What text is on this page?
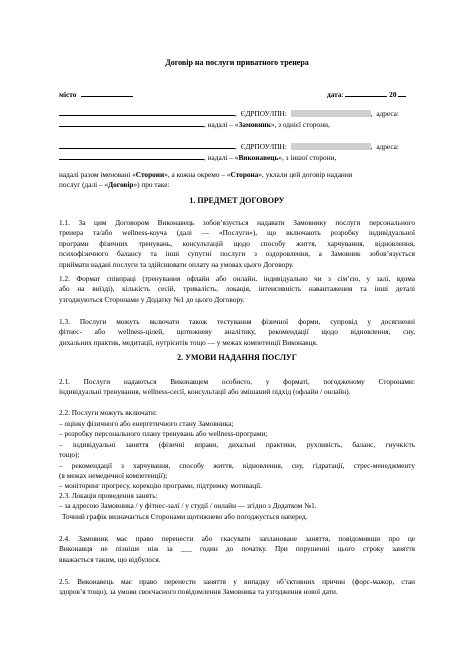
Договір на послуги приватного тренера
місто	дата:	20
, ЄДРПОУ/ІПН:	, адреса:
, надалі – «Замовник», з однієї сторони,
, ЄДРПОУ/ІПН:	, адреса:
, надалі – «Виконавець», з іншої сторони,
надалі разом іменовані «Сторони», а кожна окремо – «Сторона», уклали цей договір надання
послуг (далі – «Договір») про таке:
1. ПРЕДМЕТ ДОГОВОРУ
1.1. За цим Договором Виконавець зобов’язується надавати Замовнику послуги персонального
тренера та/або wellness-коуча (далі — «Послуги»), що включають розробку індивідуальної
програми фізичних тренувань, консультацій щодо способу життя, харчування, відновлення,
психофізичного балансу та інші супутні послуги з оздоровлення, а Замовник зобов’язується
приймати надані послуги та здійснювати оплату на умовах цього Договору.
1.2. Формат співпраці (тренування офлайн або онлайн, індивідуально чи з сім’єю, у залі, вдома
або на виїзді), кількість сесій, тривалість, локація, інтенсивність навантаження та інші деталі
узгоджуються Сторонами у Додатку №1 до цього Договору.
1.3. Послуги можуть включати також тестування фізичної форми, супровід у досягненні
фітнес- або wellness-цілей, щотижневу аналітику, рекомендації щодо відновлення, сну,
дихальних практик, медитації, нутрієнтів тощо — у межах компетенції Виконавця.
2. УМОВИ НАДАННЯ ПОСЛУГ
2.1. Послуги надаються Виконавцем особисто, у форматі, погодженому Сторонами:
індивідуальні тренування, wellness-сесії, консультації або змішаний підхід (офлайн / онлайн).
2.2. Послуги можуть включати:
– оцінку фізичного або енергетичного стану Замовника;
– розробку персонального плану тренувань або wellness-програми;
– індивідуальні заняття (фізичні вправи, дихальні практики, рухливість, баланс, гнучкість
тощо);
– рекомендації з харчування, способу життя, відновлення, сну, гідратації, стрес-менеджменту
(в межах немедичної компетенції);
– моніторинг прогресу, корекцію програми, підтримку мотивації.
2.3. Локація проведення занять:
– за адресою Замовника / у фітнес-залі / у студії / онлайн — згідно з Додатком №1.
Точний графік визначається Сторонами щотижнево або погоджується наперед.
2.4. Замовник має право перенести або скасувати заплановане заняття, повідомивши про це
Виконавця не пізніше ніж за ___ годин до початку. При порушенні цього строку заняття
вважається таким, що відбулося.
2.5. Виконавець має право перенести заняття у випадку об’єктивних причин (форс-мажор, стан
здоров’я тощо), за умови своєчасного повідомлення Замовника та узгодження нової дати.
